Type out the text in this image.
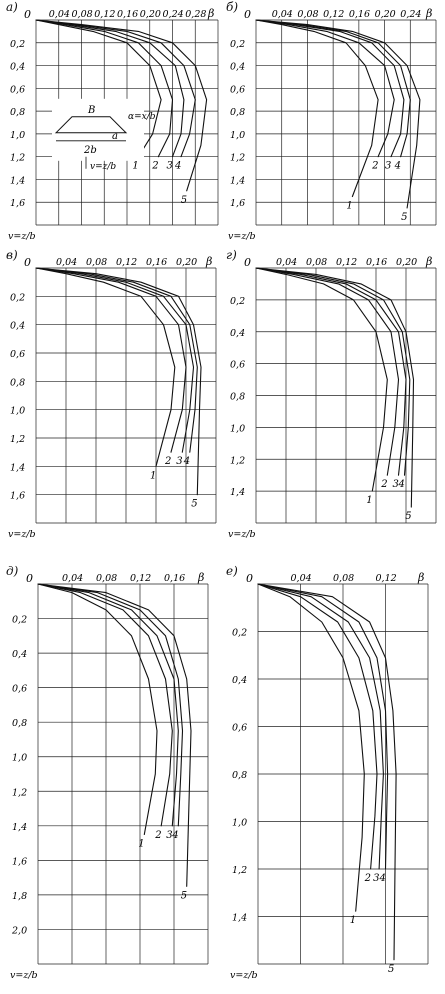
a)
0 0,04 0,08 0,12 0,16 0,20 0,24 0,28 β
0,2
0,4
0,6
0,8
1,0
1,2
1,4
1,6
v=z/b
1 2 3 4
5
B
α=x/b
2b
a
v=z/b
б)
0 0,04 0,08 0,12 0,16 0,20 0,24 β
0,2
0,4
0,6
0,8
1,0
1,2
1,4
1,6
v=z/b
1
2 3 4
5
в)
0	0,04 0,08 0,12 0,16 0,20 β
0,2
0,4
0,6
0,8
1,0
1,2
1,4
1,6
v=z/b
1
2 3 4
5
г)
0	0,04 0,08 0,12 0,16 0,20 β
0,2
0,4
0,6
0,8
1,0
1,2
1,4
v=z/b
1
2 3 4
5
д)
0	0,04 0,08 0,12 0,16 β
0,2
0,4
0,6
0,8
1,0
1,2
1,4
1,6
1,8
2,0
v=z/b
1
2 3 4
5
е)
0	0,04 0,08 0,12 β
0,2
0,4
0,6
0,8
1,0
1,2
1,4
v=z/b
1
2 3 4
5
